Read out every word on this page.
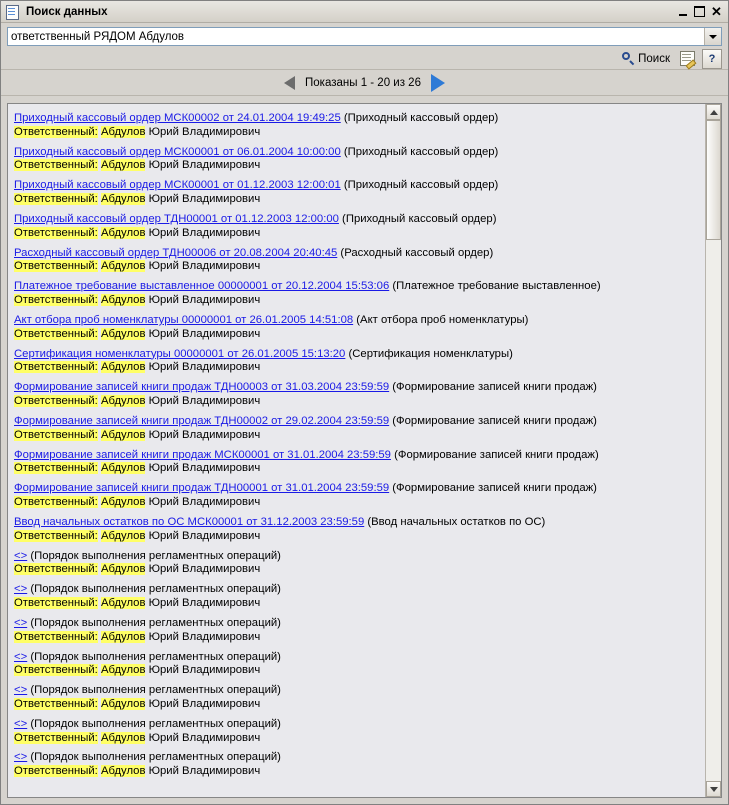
Поиск данных	✕
ответственный РЯДОМ Абдулов
Поиск	?
Показаны 1 - 20 из 26
Приходный кассовый ордер МСК00002 от 24.01.2004 19:49:25 (Приходный кассовый ордер)
Ответственный: Абдулов Юрий Владимирович
Приходный кассовый ордер МСК00001 от 06.01.2004 10:00:00 (Приходный кассовый ордер)
Ответственный: Абдулов Юрий Владимирович
Приходный кассовый ордер МСК00001 от 01.12.2003 12:00:01 (Приходный кассовый ордер)
Ответственный: Абдулов Юрий Владимирович
Приходный кассовый ордер ТДН00001 от 01.12.2003 12:00:00 (Приходный кассовый ордер)
Ответственный: Абдулов Юрий Владимирович
Расходный кассовый ордер ТДН00006 от 20.08.2004 20:40:45 (Расходный кассовый ордер)
Ответственный: Абдулов Юрий Владимирович
Платежное требование выставленное 00000001 от 20.12.2004 15:53:06 (Платежное требование выставленное)
Ответственный: Абдулов Юрий Владимирович
Акт отбора проб номенклатуры 00000001 от 26.01.2005 14:51:08 (Акт отбора проб номенклатуры)
Ответственный: Абдулов Юрий Владимирович
Сертификация номенклатуры 00000001 от 26.01.2005 15:13:20 (Сертификация номенклатуры)
Ответственный: Абдулов Юрий Владимирович
Формирование записей книги продаж ТДН00003 от 31.03.2004 23:59:59 (Формирование записей книги продаж)
Ответственный: Абдулов Юрий Владимирович
Формирование записей книги продаж ТДН00002 от 29.02.2004 23:59:59 (Формирование записей книги продаж)
Ответственный: Абдулов Юрий Владимирович
Формирование записей книги продаж МСК00001 от 31.01.2004 23:59:59 (Формирование записей книги продаж)
Ответственный: Абдулов Юрий Владимирович
Формирование записей книги продаж ТДН00001 от 31.01.2004 23:59:59 (Формирование записей книги продаж)
Ответственный: Абдулов Юрий Владимирович
Ввод начальных остатков по ОС МСК00001 от 31.12.2003 23:59:59 (Ввод начальных остатков по ОС)
Ответственный: Абдулов Юрий Владимирович
<> (Порядок выполнения регламентных операций)
Ответственный: Абдулов Юрий Владимирович
<> (Порядок выполнения регламентных операций)
Ответственный: Абдулов Юрий Владимирович
<> (Порядок выполнения регламентных операций)
Ответственный: Абдулов Юрий Владимирович
<> (Порядок выполнения регламентных операций)
Ответственный: Абдулов Юрий Владимирович
<> (Порядок выполнения регламентных операций)
Ответственный: Абдулов Юрий Владимирович
<> (Порядок выполнения регламентных операций)
Ответственный: Абдулов Юрий Владимирович
<> (Порядок выполнения регламентных операций)
Ответственный: Абдулов Юрий Владимирович
